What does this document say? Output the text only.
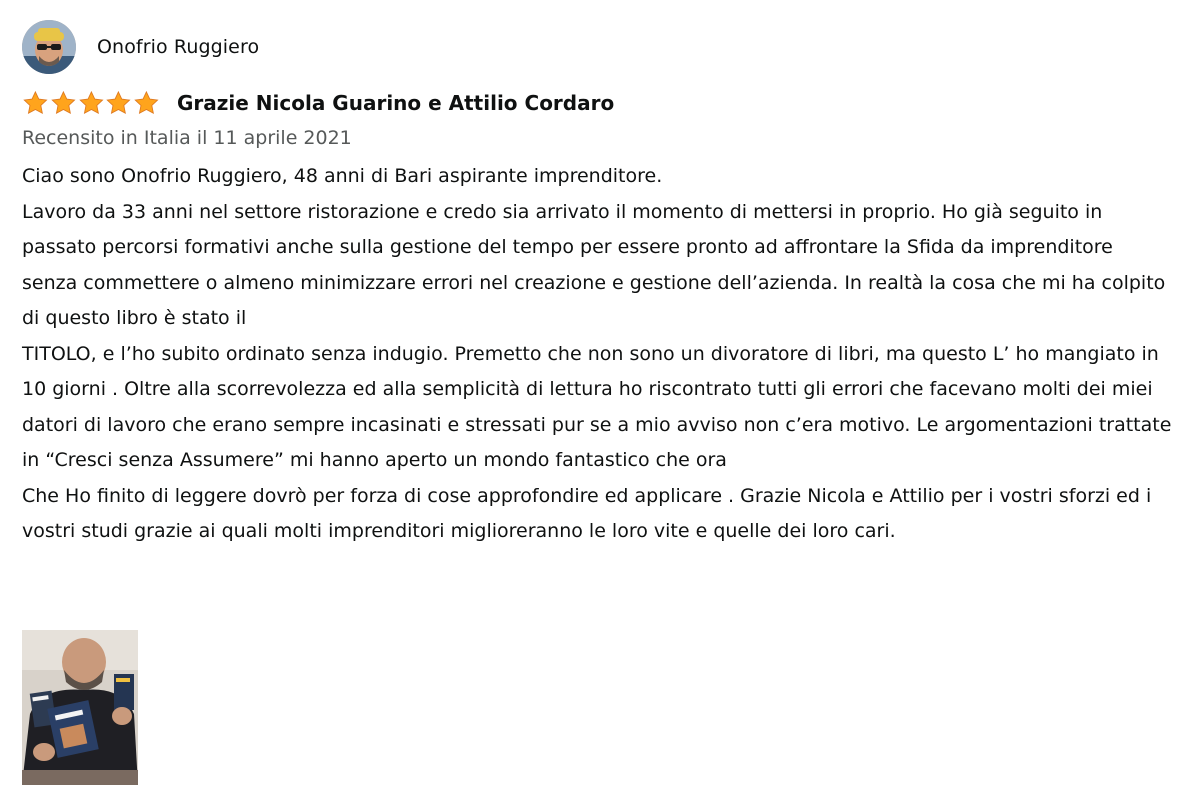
Onofrio Ruggiero
Grazie Nicola Guarino e Attilio Cordaro
Recensito in Italia il 11 aprile 2021

Ciao sono Onofrio Ruggiero, 48 anni di Bari aspirante imprenditore.

Lavoro da 33 anni nel settore ristorazione e credo sia arrivato il momento di mettersi in proprio. Ho già seguito in passato percorsi formativi anche sulla gestione del tempo per essere pronto ad affrontare la Sfida da imprenditore senza commettere o almeno minimizzare errori nel creazione e gestione dell’azienda. In realtà la cosa che mi ha colpito di questo libro è stato il

TITOLO, e l’ho subito ordinato senza indugio. Premetto che non sono un divoratore di libri, ma questo L’ ho mangiato in 10 giorni . Oltre alla scorrevolezza ed alla semplicità di lettura ho riscontrato tutti gli errori che facevano molti dei miei datori di lavoro che erano sempre incasinati e stressati pur se a mio avviso non c’era motivo. Le argomentazioni trattate in “Cresci senza Assumere” mi hanno aperto un mondo fantastico che ora

Che Ho finito di leggere dovrò per forza di cose approfondire ed applicare . Grazie Nicola e Attilio per i vostri sforzi ed i vostri studi grazie ai quali molti imprenditori miglioreranno le loro vite e quelle dei loro cari.
